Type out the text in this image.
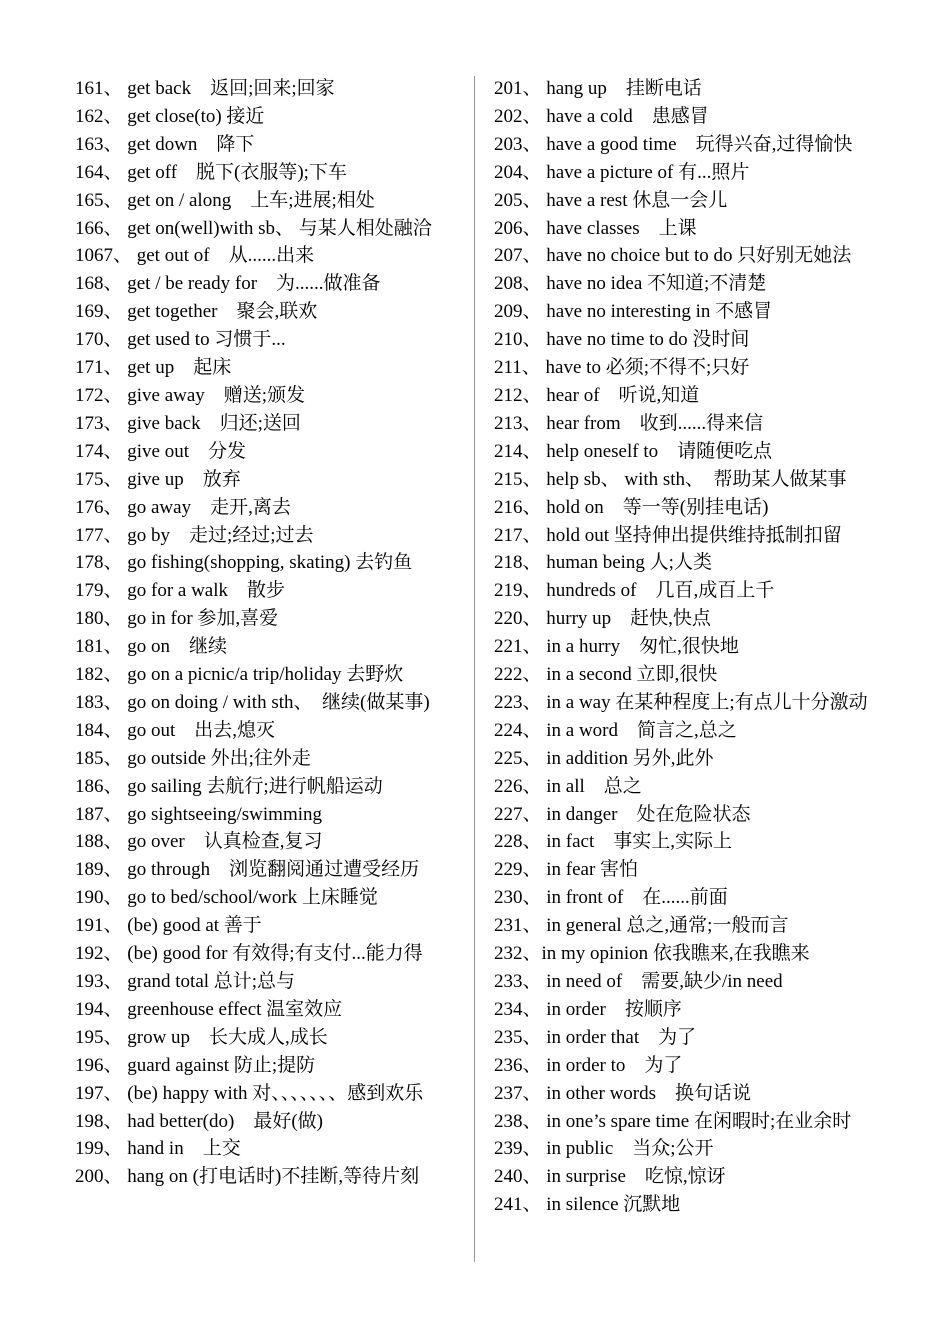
161、 get back　返回;回来;回家
162、 get close(to) 接近
163、 get down　降下
164、 get off　脱下(衣服等);下车
165、 get on / along　上车;进展;相处
166、 get on(well)with sb、 与某人相处融洽
1067、 get out of　从......出来
168、 get / be ready for　为......做准备
169、 get together　聚会,联欢
170、 get used to 习惯于...
171、 get up　起床
172、 give away　赠送;颁发
173、 give back　归还;送回
174、 give out　分发
175、 give up　放弃
176、 go away　走开,离去
177、 go by　走过;经过;过去
178、 go fishing(shopping, skating) 去钓鱼
179、 go for a walk　散步
180、 go in for 参加,喜爱
181、 go on　继续
182、 go on a picnic/a trip/holiday 去野炊
183、 go on doing / with sth、　继续(做某事)
184、 go out　出去,熄灭
185、 go outside 外出;往外走
186、 go sailing 去航行;进行帆船运动
187、 go sightseeing/swimming
188、 go over　认真检查,复习
189、 go through　浏览翻阅通过遭受经历
190、 go to bed/school/work 上床睡觉
191、 (be) good at 善于
192、 (be) good for 有效得;有支付...能力得
193、 grand total 总计;总与
194、 greenhouse effect 温室效应
195、 grow up　长大成人,成长
196、 guard against 防止;提防
197、 (be) happy with 对、、、、、、、感到欢乐
198、 had better(do)　最好(做)
199、 hand in　上交
200、 hang on (打电话时)不挂断,等待片刻
201、 hang up　挂断电话
202、 have a cold　患感冒
203、 have a good time　玩得兴奋,过得愉快
204、 have a picture of 有...照片
205、 have a rest 休息一会儿
206、 have classes　上课
207、 have no choice but to do 只好别无她法
208、 have no idea 不知道;不清楚
209、 have no interesting in 不感冒
210、 have no time to do 没时间
211、 have to 必须;不得不;只好
212、 hear of　听说,知道
213、 hear from　收到......得来信
214、 help oneself to　请随便吃点
215、 help sb、 with sth、　帮助某人做某事
216、 hold on　等一等(别挂电话)
217、 hold out 坚持伸出提供维持抵制扣留
218、 human being 人;人类
219、 hundreds of　几百,成百上千
220、 hurry up　赶快,快点
221、 in a hurry　匆忙,很快地
222、 in a second 立即,很快
223、 in a way 在某种程度上;有点儿十分激动
224、 in a word　简言之,总之
225、 in addition 另外,此外
226、 in all　总之
227、 in danger　处在危险状态
228、 in fact　事实上,实际上
229、 in fear 害怕
230、 in front of　在......前面
231、 in general 总之,通常;一般而言
232、in my opinion 依我瞧来,在我瞧来
233、 in need of　需要,缺少/in need
234、 in order　按顺序
235、 in order that　为了
236、 in order to　为了
237、 in other words　换句话说
238、 in one’s spare time 在闲暇时;在业余时
239、 in public　当众;公开
240、 in surprise　吃惊,惊讶
241、 in silence 沉默地
